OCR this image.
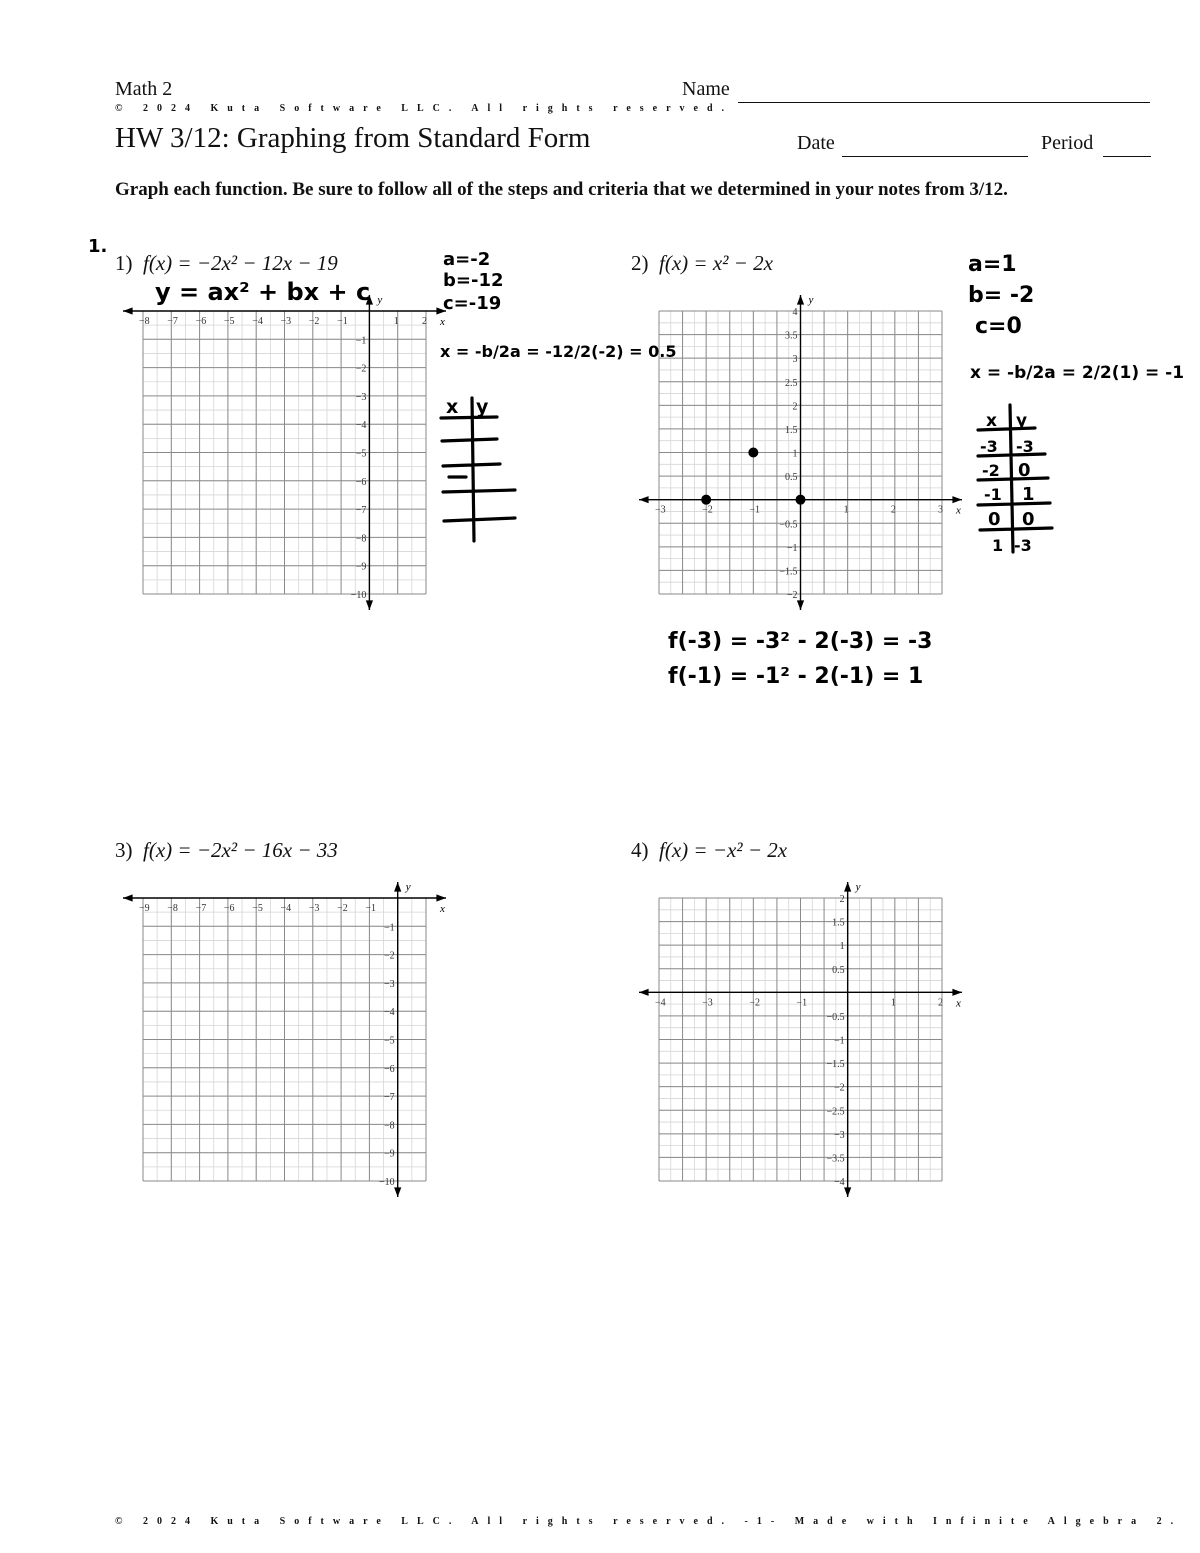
Math 2
© 2024 Kuta Software LLC. All rights reserved.
HW 3/12: Graphing from Standard Form
Name
Date	Period
Graph each function. Be sure to follow all of the steps and criteria that we determined in your notes from 3/12.
1) f(x) = −2x² − 12x − 19	2) f(x) = x² − 2x
3) f(x) = −2x² − 16x − 33	4) f(x) = −x² − 2x
x
y
−8 −7 −6 −5 −4 −3 −2 −1	1 2
−1
−2
−3
−4
−5
−6
−7
−8
−9
−10
x
y
−3	−2	−1	1	2	3
4
3.5
3
2.5
2
1.5
1
0.5
−0.5
−1
−1.5
−2
x
y
−9 −8 −7 −6 −5 −4 −3 −2 −1
−1
−2
−3
−4
−5
−6
−7
−8
−9
−10
x
y
−4	−3	−2	−1	1	2
2
1.5
1
0.5
−0.5
−1
−1.5
−2
−2.5
−3
−3.5
−4
1.
y = ax² + bx + c
a=-2
b=-12
c=-19
x = -b/2a = -12/2(-2) = 0.5
x y
a=1
b= -2
c=0
x = -b/2a = 2/2(1) = -1
x y
-3 -3
-2 0
-1 1
0 0
1 -3
f(-3) = -3² - 2(-3) = -3
f(-1) = -1² - 2(-1) = 1
© 2024 Kuta Software LLC. All rights reserved. -1- Made with Infinite Algebra 2.
